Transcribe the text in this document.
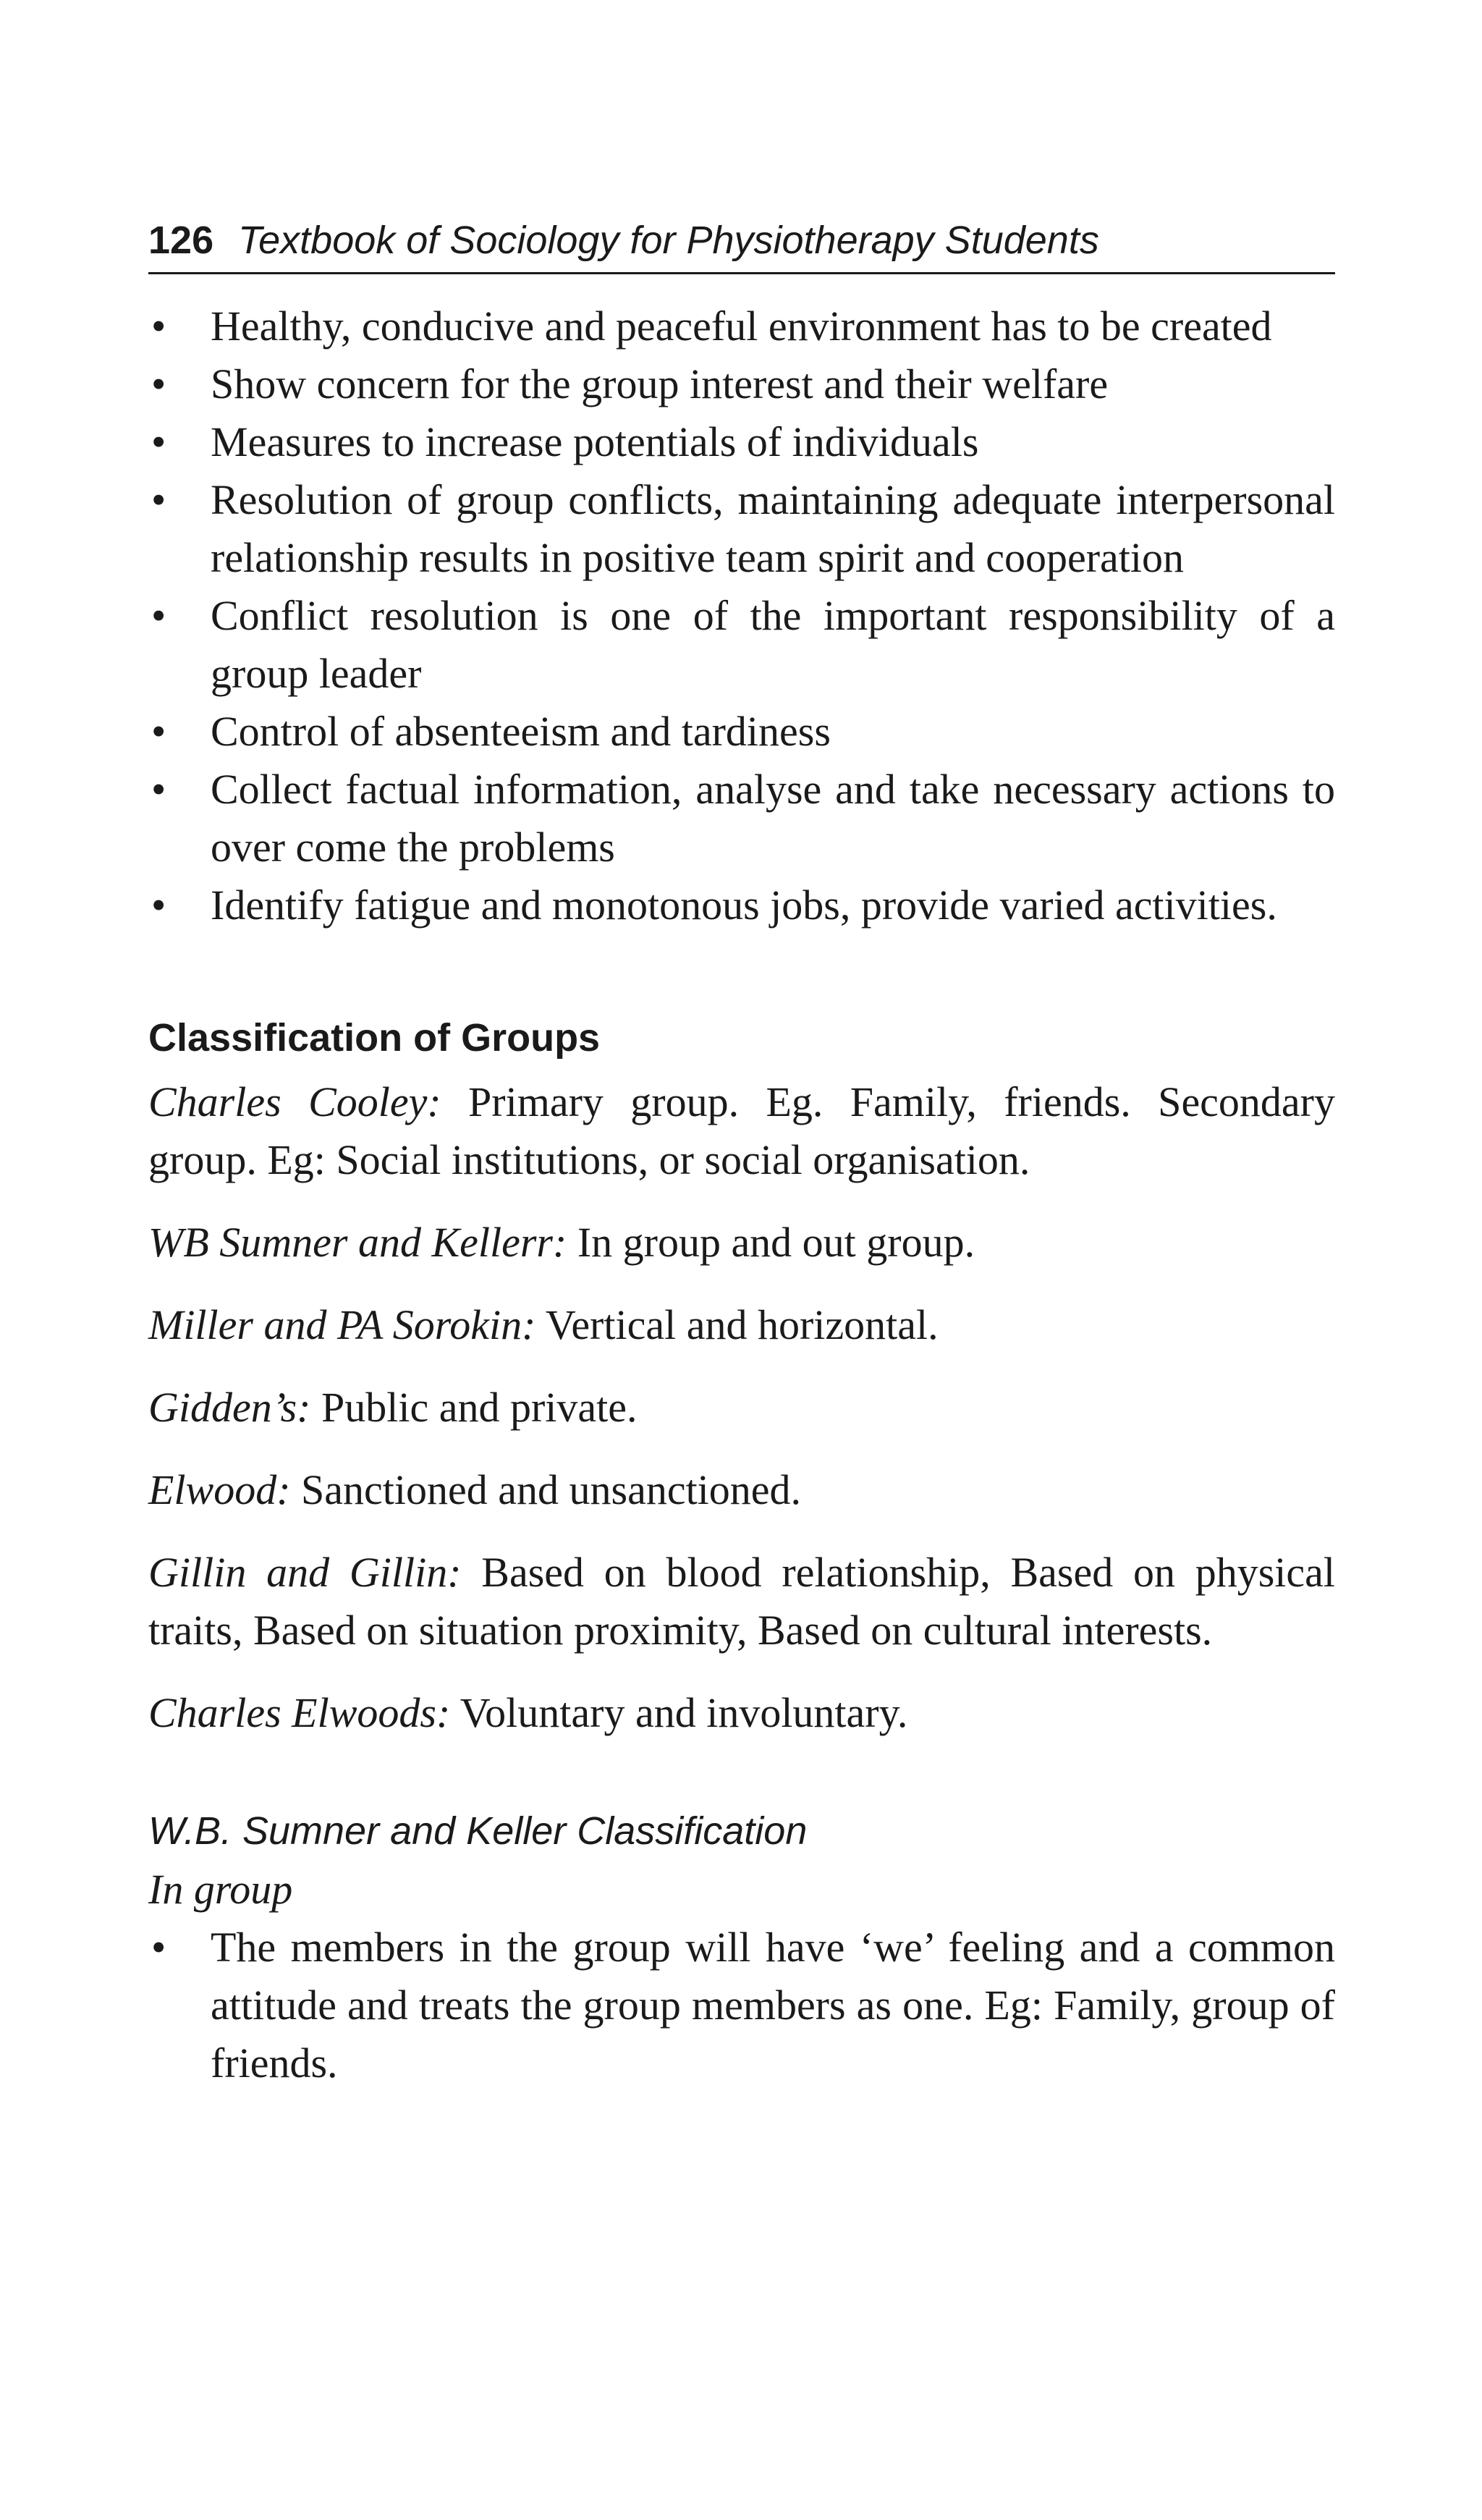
126 Textbook of Sociology for Physiotherapy Students
• Healthy, conducive and peaceful environment has to be created
• Show concern for the group interest and their welfare
• Measures to increase potentials of individuals
• Resolution of group conflicts, maintaining adequate interpersonal relationship results in positive team spirit and cooperation
• Conflict resolution is one of the important responsibility of a group leader
• Control of absenteeism and tardiness
• Collect factual information, analyse and take necessary actions to over come the problems
• Identify fatigue and monotonous jobs, provide varied activities.
Classification of Groups

Charles Cooley: Primary group. Eg. Family, friends. Secondary group. Eg: Social institutions, or social organisation.

WB Sumner and Kellerr: In group and out group.

Miller and PA Sorokin: Vertical and horizontal.

Gidden’s: Public and private.

Elwood: Sanctioned and unsanctioned.

Gillin and Gillin: Based on blood relationship, Based on physical traits, Based on situation proximity, Based on cultural interests.

Charles Elwoods: Voluntary and involuntary.

W.B. Sumner and Keller Classification

In group

• The members in the group will have ‘we’ feeling and a common attitude and treats the group members as one. Eg: Family, group of friends.
